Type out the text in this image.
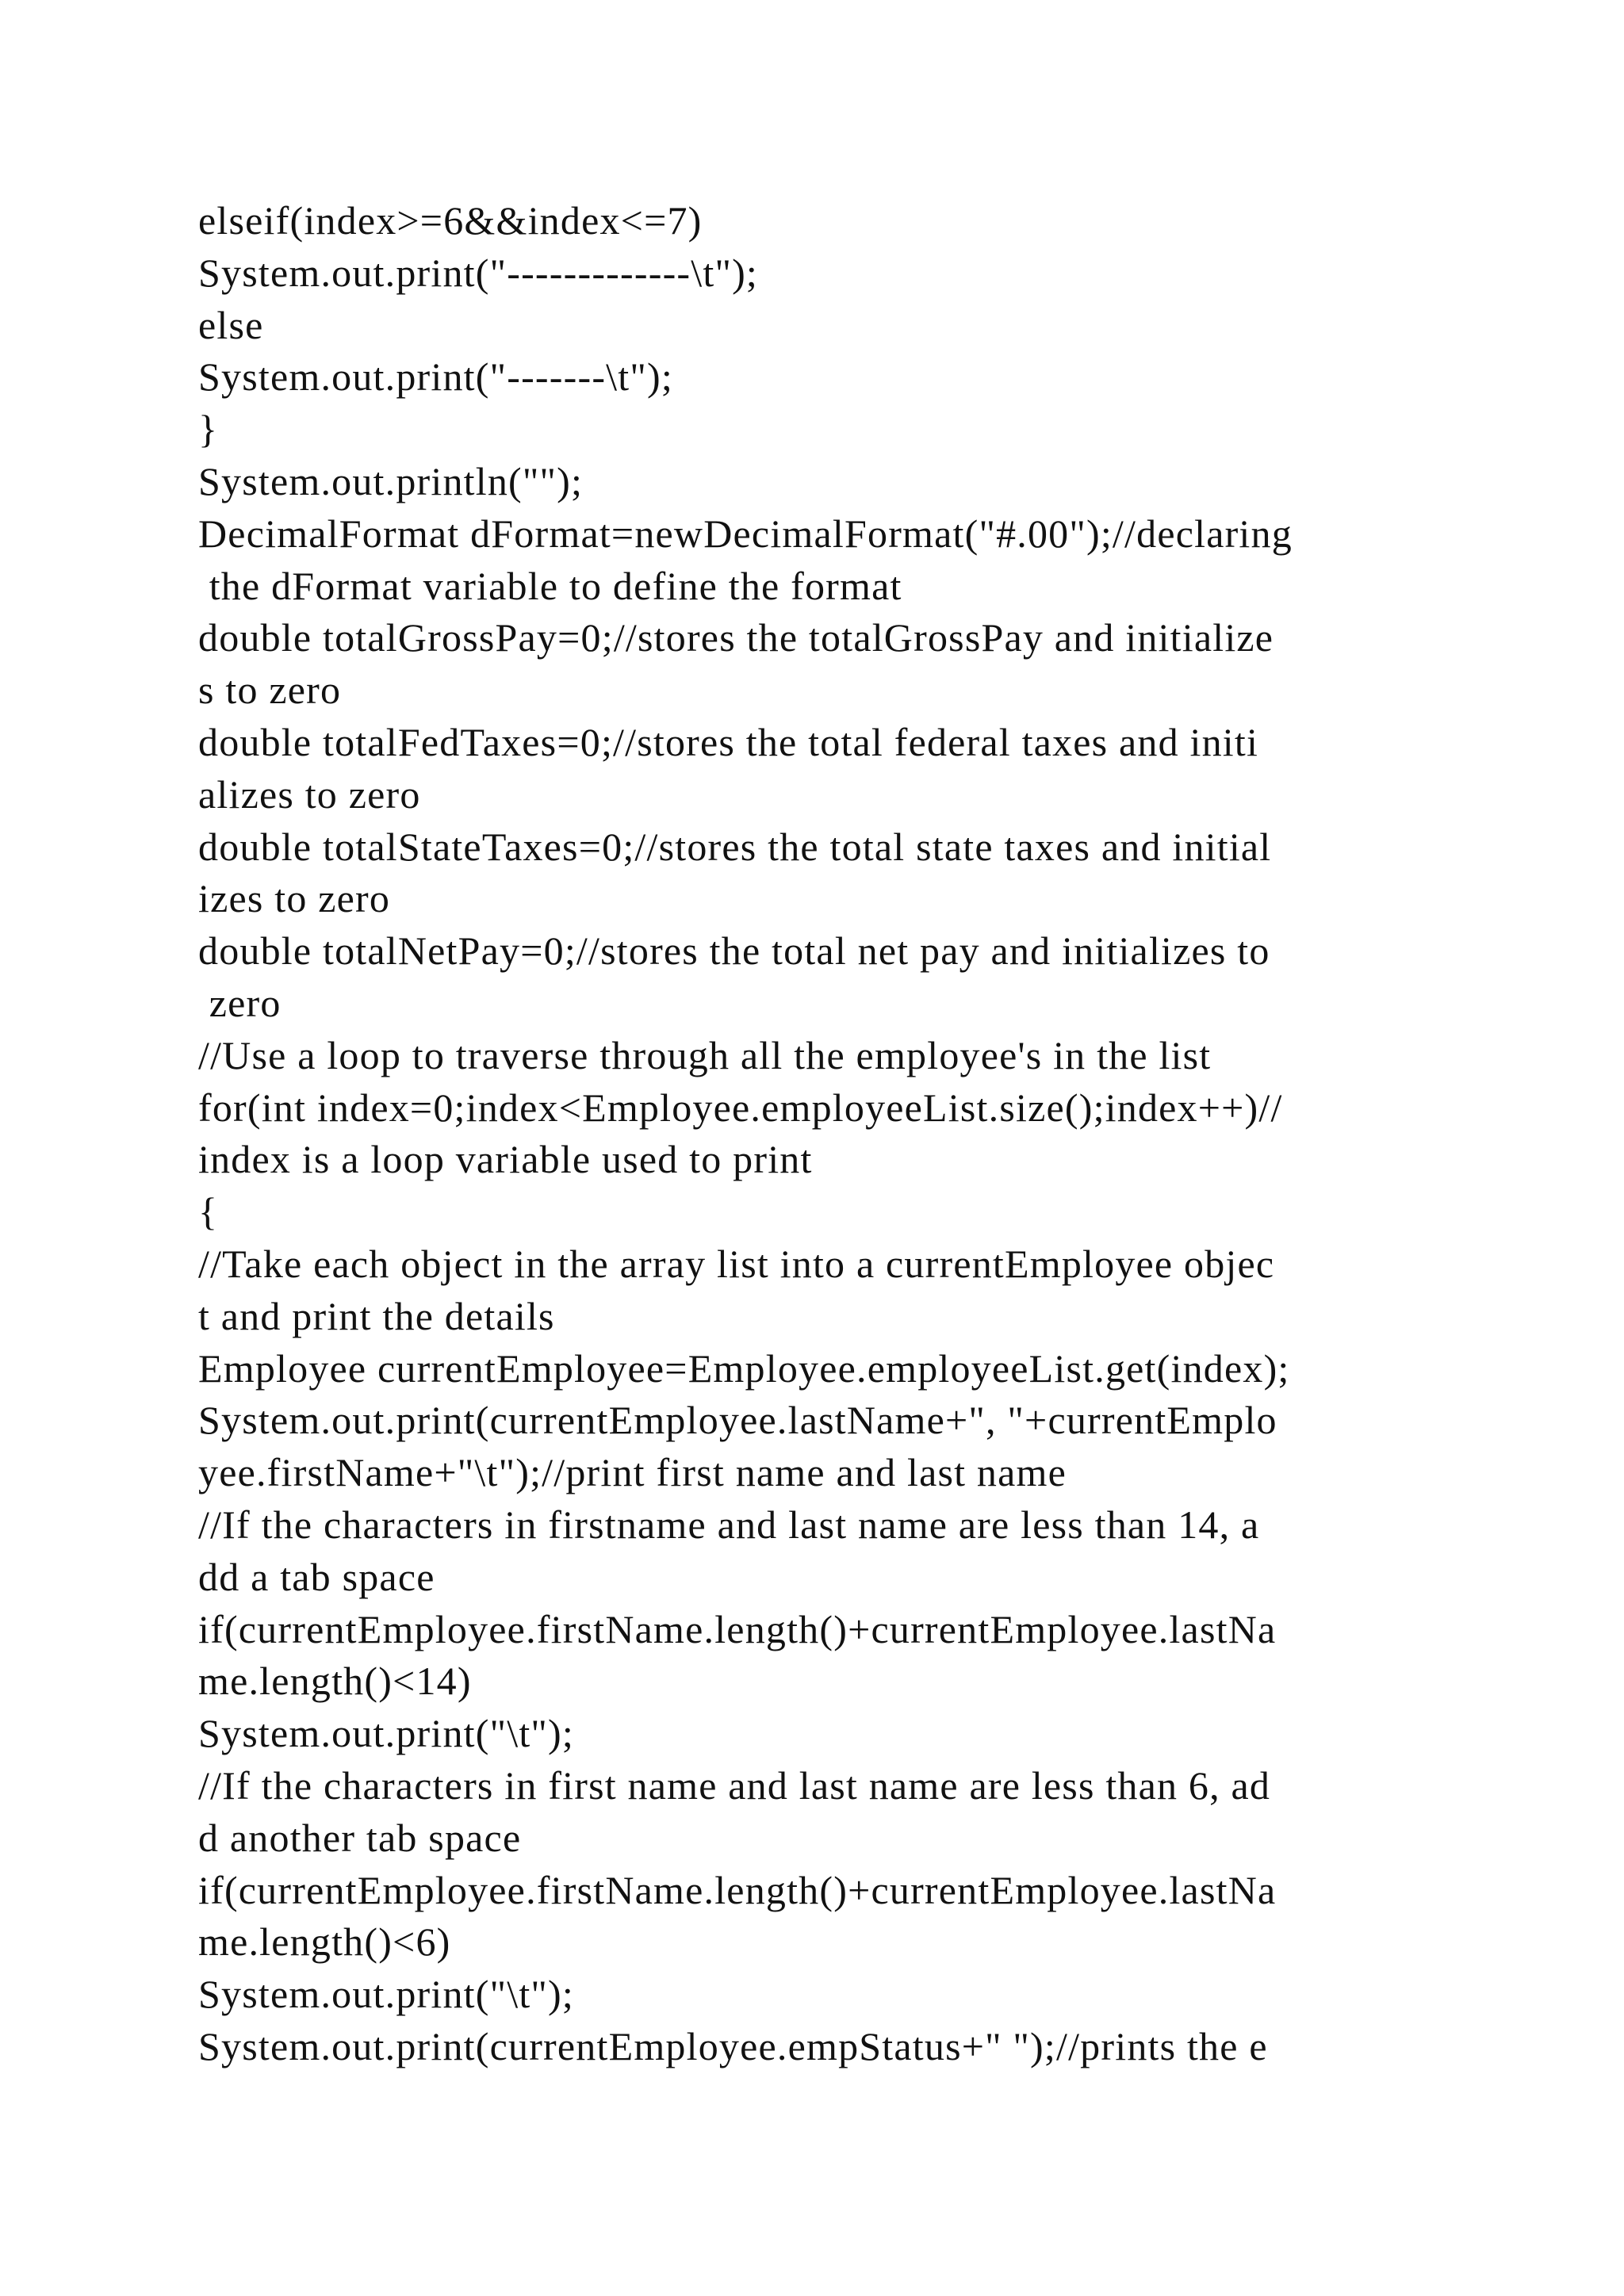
elseif(index>=6&&index<=7)
System.out.print("-------------\t");
else
System.out.print("-------\t");
}
System.out.println("");
DecimalFormat dFormat=newDecimalFormat("#.00");//declaring
the dFormat variable to define the format
double totalGrossPay=0;//stores the totalGrossPay and initialize
s to zero
double totalFedTaxes=0;//stores the total federal taxes and initi
alizes to zero
double totalStateTaxes=0;//stores the total state taxes and initial
izes to zero
double totalNetPay=0;//stores the total net pay and initializes to
zero
//Use a loop to traverse through all the employee's in the list
for(int index=0;index<Employee.employeeList.size();index++)//
index is a loop variable used to print
{
//Take each object in the array list into a currentEmployee objec
t and print the details
Employee currentEmployee=Employee.employeeList.get(index);
System.out.print(currentEmployee.lastName+", "+currentEmplo
yee.firstName+"\t");//print first name and last name
//If the characters in firstname and last name are less than 14, a
dd a tab space
if(currentEmployee.firstName.length()+currentEmployee.lastNa
me.length()<14)
System.out.print("\t");
//If the characters in first name and last name are less than 6, ad
d another tab space
if(currentEmployee.firstName.length()+currentEmployee.lastNa
me.length()<6)
System.out.print("\t");
System.out.print(currentEmployee.empStatus+" ");//prints the e
